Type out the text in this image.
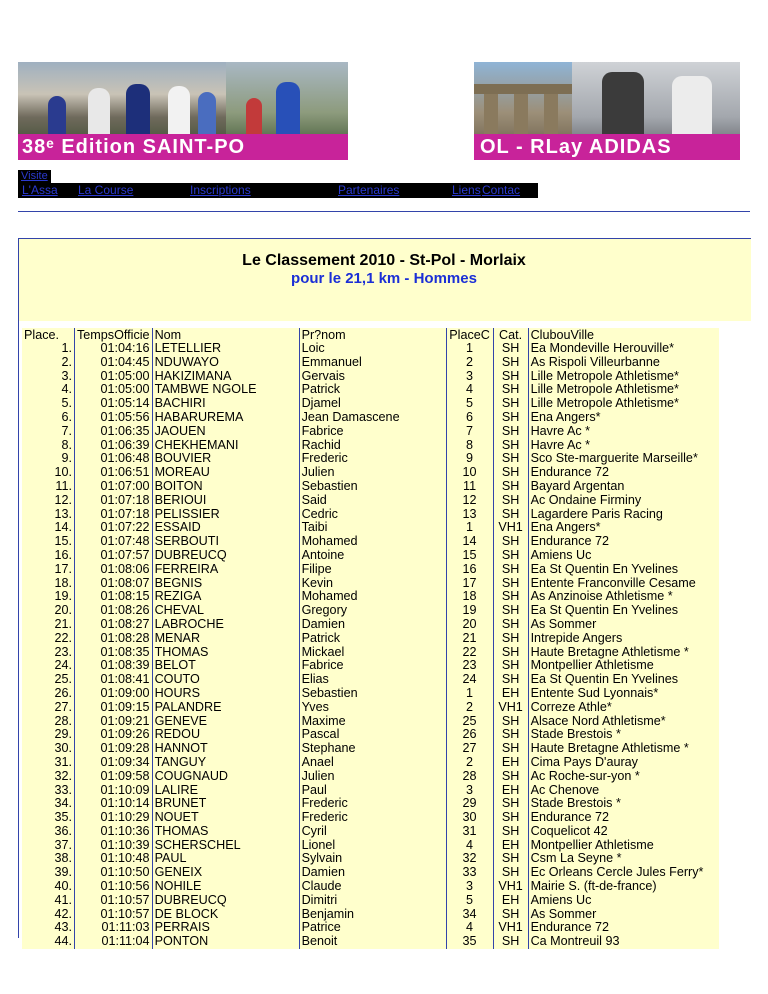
38ᵉ Edition SAINT-PO	OL - RLay ADIDAS
Visite
L'Assa La Course	Inscriptions	Partenaires	Liens Contac
Le Classement 2010 - St-Pol - Morlaix
pour le 21,1 km - Hommes
Place.	TempsOfficie	Nom	Pr?nom	PlaceC	Cat.	ClubouVille
1.	01:04:16	LETELLIER	Loic	1	SH	Ea Mondeville Herouville*
2.	01:04:45	NDUWAYO	Emmanuel	2	SH	As Rispoli Villeurbanne
3.	01:05:00	HAKIZIMANA	Gervais	3	SH	Lille Metropole Athletisme*
4.	01:05:00	TAMBWE NGOLE	Patrick	4	SH	Lille Metropole Athletisme*
5.	01:05:14	BACHIRI	Djamel	5	SH	Lille Metropole Athletisme*
6.	01:05:56	HABARUREMA	Jean Damascene	6	SH	Ena Angers*
7.	01:06:35	JAOUEN	Fabrice	7	SH	Havre Ac *
8.	01:06:39	CHEKHEMANI	Rachid	8	SH	Havre Ac *
9.	01:06:48	BOUVIER	Frederic	9	SH	Sco Ste-marguerite Marseille*
10.	01:06:51	MOREAU	Julien	10	SH	Endurance 72
11.	01:07:00	BOITON	Sebastien	11	SH	Bayard Argentan
12.	01:07:18	BERIOUI	Said	12	SH	Ac Ondaine Firminy
13.	01:07:18	PELISSIER	Cedric	13	SH	Lagardere Paris Racing
14.	01:07:22	ESSAID	Taibi	1	VH1	Ena Angers*
15.	01:07:48	SERBOUTI	Mohamed	14	SH	Endurance 72
16.	01:07:57	DUBREUCQ	Antoine	15	SH	Amiens Uc
17.	01:08:06	FERREIRA	Filipe	16	SH	Ea St Quentin En Yvelines
18.	01:08:07	BEGNIS	Kevin	17	SH	Entente Franconville Cesame
19.	01:08:15	REZIGA	Mohamed	18	SH	As Anzinoise Athletisme *
20.	01:08:26	CHEVAL	Gregory	19	SH	Ea St Quentin En Yvelines
21.	01:08:27	LABROCHE	Damien	20	SH	As Sommer
22.	01:08:28	MENAR	Patrick	21	SH	Intrepide Angers
23.	01:08:35	THOMAS	Mickael	22	SH	Haute Bretagne Athletisme *
24.	01:08:39	BELOT	Fabrice	23	SH	Montpellier Athletisme
25.	01:08:41	COUTO	Elias	24	SH	Ea St Quentin En Yvelines
26.	01:09:00	HOURS	Sebastien	1	EH	Entente Sud Lyonnais*
27.	01:09:15	PALANDRE	Yves	2	VH1	Correze Athle*
28.	01:09:21	GENEVE	Maxime	25	SH	Alsace Nord Athletisme*
29.	01:09:26	REDOU	Pascal	26	SH	Stade Brestois *
30.	01:09:28	HANNOT	Stephane	27	SH	Haute Bretagne Athletisme *
31.	01:09:34	TANGUY	Anael	2	EH	Cima Pays D'auray
32.	01:09:58	COUGNAUD	Julien	28	SH	Ac Roche-sur-yon *
33.	01:10:09	LALIRE	Paul	3	EH	Ac Chenove
34.	01:10:14	BRUNET	Frederic	29	SH	Stade Brestois *
35.	01:10:29	NOUET	Frederic	30	SH	Endurance 72
36.	01:10:36	THOMAS	Cyril	31	SH	Coquelicot 42
37.	01:10:39	SCHERSCHEL	Lionel	4	EH	Montpellier Athletisme
38.	01:10:48	PAUL	Sylvain	32	SH	Csm La Seyne *
39.	01:10:50	GENEIX	Damien	33	SH	Ec Orleans Cercle Jules Ferry*
40.	01:10:56	NOHILE	Claude	3	VH1	Mairie S. (ft-de-france)
41.	01:10:57	DUBREUCQ	Dimitri	5	EH	Amiens Uc
42.	01:10:57	DE BLOCK	Benjamin	34	SH	As Sommer
43.	01:11:03	PERRAIS	Patrice	4	VH1	Endurance 72
44.	01:11:04	PONTON	Benoit	35	SH	Ca Montreuil 93
